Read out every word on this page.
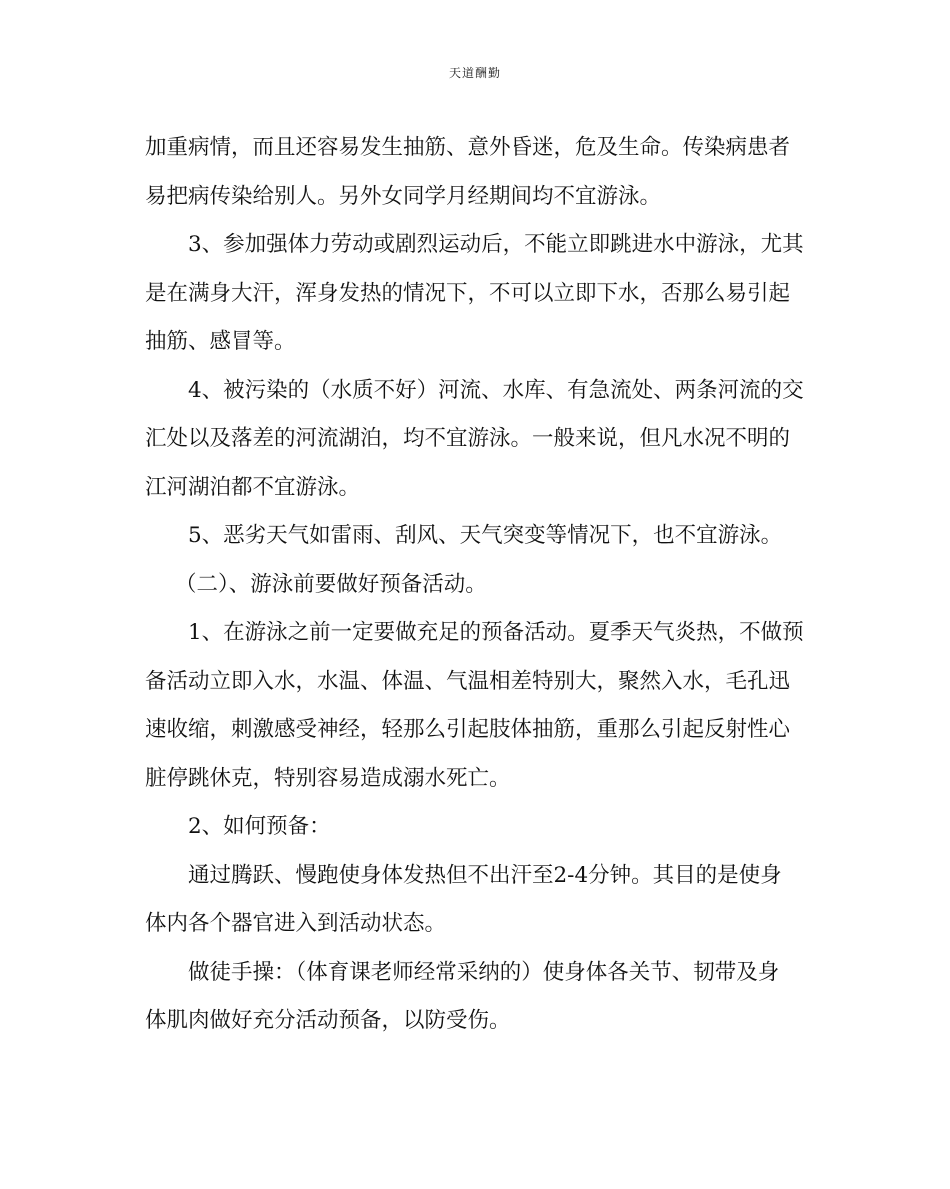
天道酬勤
加重病情，而且还容易发生抽筋、意外昏迷，危及生命。传染病患者
易把病传染给别人。另外女同学月经期间均不宜游泳。
3、参加强体力劳动或剧烈运动后，不能立即跳进水中游泳，尤其
是在满身大汗，浑身发热的情况下，不可以立即下水，否那么易引起
抽筋、感冒等。
4、被污染的（水质不好）河流、水库、有急流处、两条河流的交
汇处以及落差的河流湖泊，均不宜游泳。一般来说，但凡水况不明的
江河湖泊都不宜游泳。
5、恶劣天气如雷雨、刮风、天气突变等情况下，也不宜游泳。
（二）、游泳前要做好预备活动。
1、在游泳之前一定要做充足的预备活动。夏季天气炎热，不做预
备活动立即入水，水温、体温、气温相差特别大，聚然入水，毛孔迅
速收缩，刺激感受神经，轻那么引起肢体抽筋，重那么引起反射性心
脏停跳休克，特别容易造成溺水死亡。
2、如何预备：
通过腾跃、慢跑使身体发热但不出汗至2-4分钟。其目的是使身
体内各个器官进入到活动状态。
做徒手操：（体育课老师经常采纳的）使身体各关节、韧带及身
体肌肉做好充分活动预备，以防受伤。
